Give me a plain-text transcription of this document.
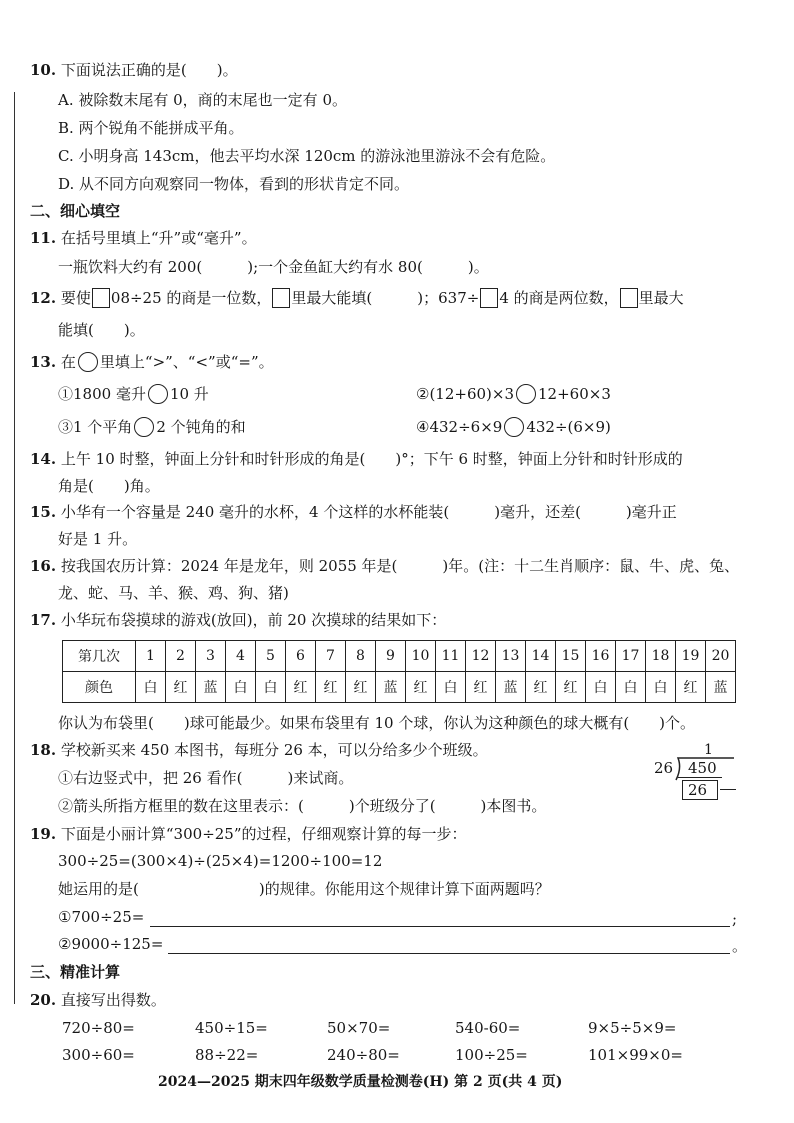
10. 下面说法正确的是(　　)。
A. 被除数末尾有 0，商的末尾也一定有 0。
B. 两个锐角不能拼成平角。
C. 小明身高 143cm，他去平均水深 120cm 的游泳池里游泳不会有危险。
D. 从不同方向观察同一物体，看到的形状肯定不同。
二、细心填空
11. 在括号里填上“升”或“毫升”。
一瓶饮料大约有 200(　　　);一个金鱼缸大约有水 80(　　　)。
12. 要使 08÷25 的商是一位数， 里最大能填(　　　)；637÷ 4 的商是两位数， 里最大
能填(　　)。
13. 在 里填上“>”、“<”或“=”。
①1800 毫升 10 升	②(12+60)×3 12+60×3
③1 个平角 2 个钝角的和	④432÷6×9 432÷(6×9)
14. 上午 10 时整，钟面上分针和时针形成的角是(　　)°；下午 6 时整，钟面上分针和时针形成的
角是(　　)角。
15. 小华有一个容量是 240 毫升的水杯，4 个这样的水杯能装(　　　)毫升，还差(　　　)毫升正
好是 1 升。
16. 按我国农历计算：2024 年是龙年，则 2055 年是(　　　)年。(注：十二生肖顺序：鼠、牛、虎、兔、
龙、蛇、马、羊、猴、鸡、狗、猪)
17. 小华玩布袋摸球的游戏(放回)，前 20 次摸球的结果如下：
第几次	1	2	3	4	5	6	7	8	9	10	11	12	13	14	15	16	17	18	19	20
颜色	白	红	蓝	白	白	红	红	红	蓝	红	白	红	蓝	红	红	白	白	白	红	蓝
你认为布袋里(　　)球可能最少。如果布袋里有 10 个球，你认为这种颜色的球大概有(　　)个。
18. 学校新买来 450 本图书，每班分 26 本，可以分给多少个班级。
①右边竖式中，把 26 看作(　　　)来试商。
②箭头所指方框里的数在这里表示：(　　　)个班级分了(　　　)本图书。
1
26 450
26
19. 下面是小丽计算“300÷25”的过程，仔细观察计算的每一步：
300÷25=(300×4)÷(25×4)=1200÷100=12
她运用的是(　　　　　　　　)的规律。你能用这个规律计算下面两题吗？
①700÷25=	;
②9000÷125=	。
三、精准计算
20. 直接写出得数。
720÷80=	450÷15=	50×70=	540-60=	9×5÷5×9=
300÷60=	88÷22=	240÷80=	100÷25=	101×99×0=
2024—2025 期末四年级数学质量检测卷(H) 第 2 页(共 4 页)
